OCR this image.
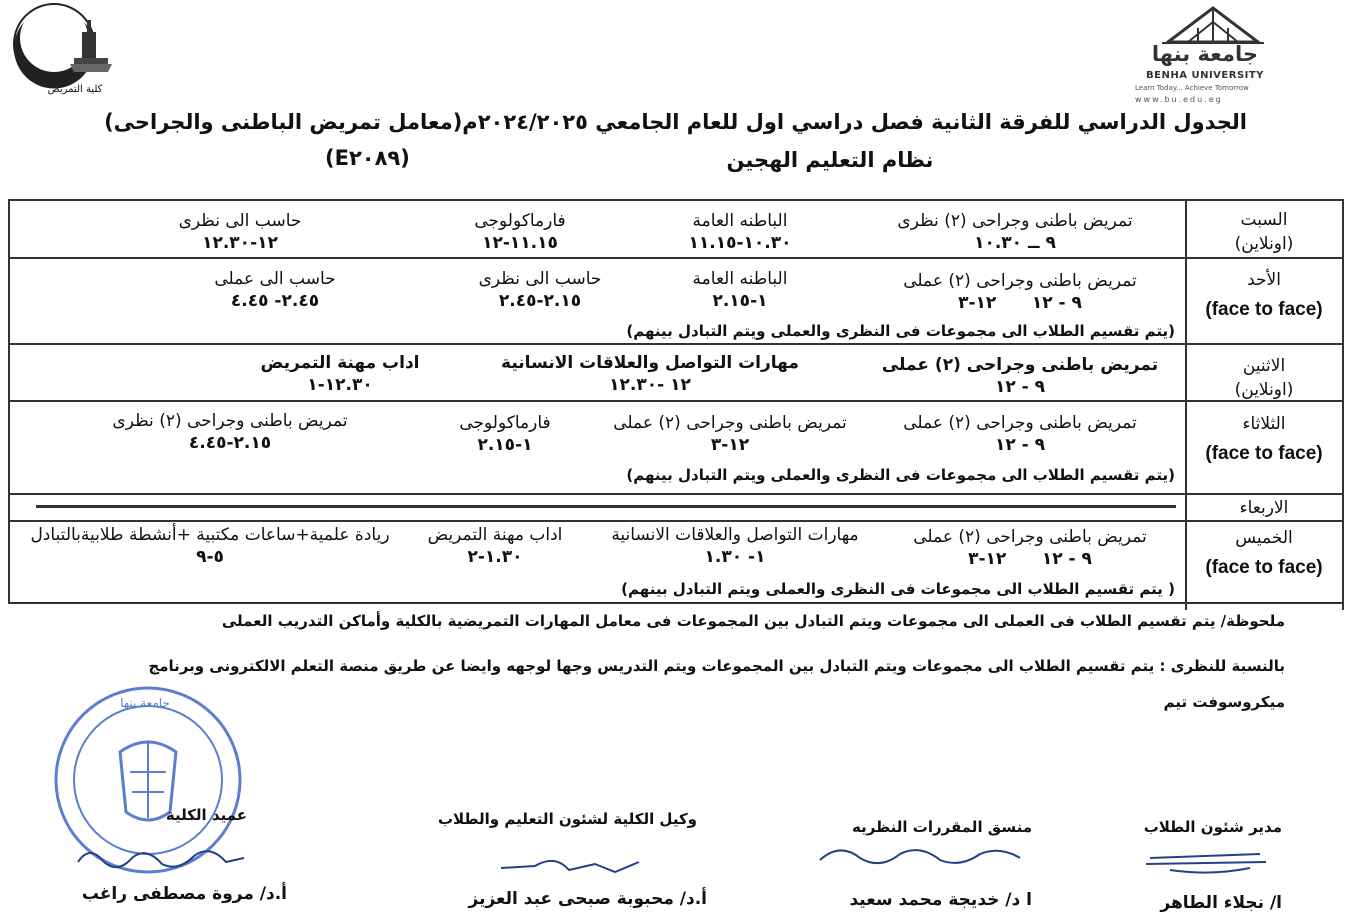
كلية التمريض
جامعة بنها
BENHA UNIVERSITY
Learn Today... Achieve Tomorrow
www.bu.edu.eg
الجدول الدراسي للفرقة الثانية فصل دراسي اول للعام الجامعي ٢٠٢٤/٢٠٢٥م(معامل تمريض الباطنى والجراحى)
نظام التعليم الهجين
(E٢٠٨٩)
السبت
(اونلاين)
الأحد
(face to face)
الاثنين
(اونلاين)
الثلاثاء
(face to face)
الاربعاء
الخميس
(face to face)
تمريض باطنى وجراحى (٢) نظرى
٩ ــ ١٠.٣٠
الباطنه العامة
١٠.٣٠-١١.١٥
فارماكولوجى
١١.١٥-١٢
حاسب الى نظرى
١٢-١٢.٣٠
تمريض باطنى وجراحى (٢) عملى
٩ - ١٢      ١٢-٣
الباطنه العامة
١-٢.١٥
حاسب الى نظرى
٢.١٥-٢.٤٥
حاسب الى عملى
٢.٤٥- ٤.٤٥
(يتم تقسيم الطلاب الى مجموعات فى النظرى والعملى ويتم التبادل بينهم)
تمريض باطنى وجراحى (٢) عملى
٩ - ١٢
مهارات التواصل والعلاقات الانسانية
١٢ -١٢.٣٠
اداب مهنة التمريض
١٢.٣٠-١
تمريض باطنى وجراحى (٢) عملى
٩ - ١٢
تمريض باطنى وجراحى (٢) عملى
١٢-٣
فارماكولوجى
١-٢.١٥
تمريض باطنى وجراحى (٢) نظرى
٢.١٥-٤.٤٥
(يتم تقسيم الطلاب الى مجموعات فى النظرى والعملى ويتم التبادل بينهم)
تمريض باطنى وجراحى (٢) عملى
٩ - ١٢      ١٢-٣
مهارات التواصل والعلاقات الانسانية
١- ١.٣٠
اداب مهنة التمريض
١.٣٠-٢
ريادة علمية+ساعات مكتبية +أنشطة طلابيةبالتبادل
٥-٩
( يتم تقسيم الطلاب الى مجموعات فى النظرى والعملى ويتم التبادل بينهم)
ملحوظة/ يتم تقسيم الطلاب فى العملى الى مجموعات ويتم التبادل بين المجموعات فى معامل المهارات التمريضية بالكلية وأماكن التدريب العملى
بالنسبة للنظرى : يتم تقسيم الطلاب الى مجموعات ويتم التبادل بين المجموعات ويتم التدريس وجها لوجهه وايضا عن طريق منصة التعلم الالكترونى وبرنامج
ميكروسوفت تيم
جامعة بنها
مدير شئون الطلاب
ا/ نجلاء الطاهر
منسق المقررات النظريه
ا د/ خديجة محمد سعيد
وكيل الكلية لشئون التعليم والطلاب
أ.د/ محبوبة صبحى عبد العزيز
عميد الكلية
أ.د/ مروة مصطفى راغب
